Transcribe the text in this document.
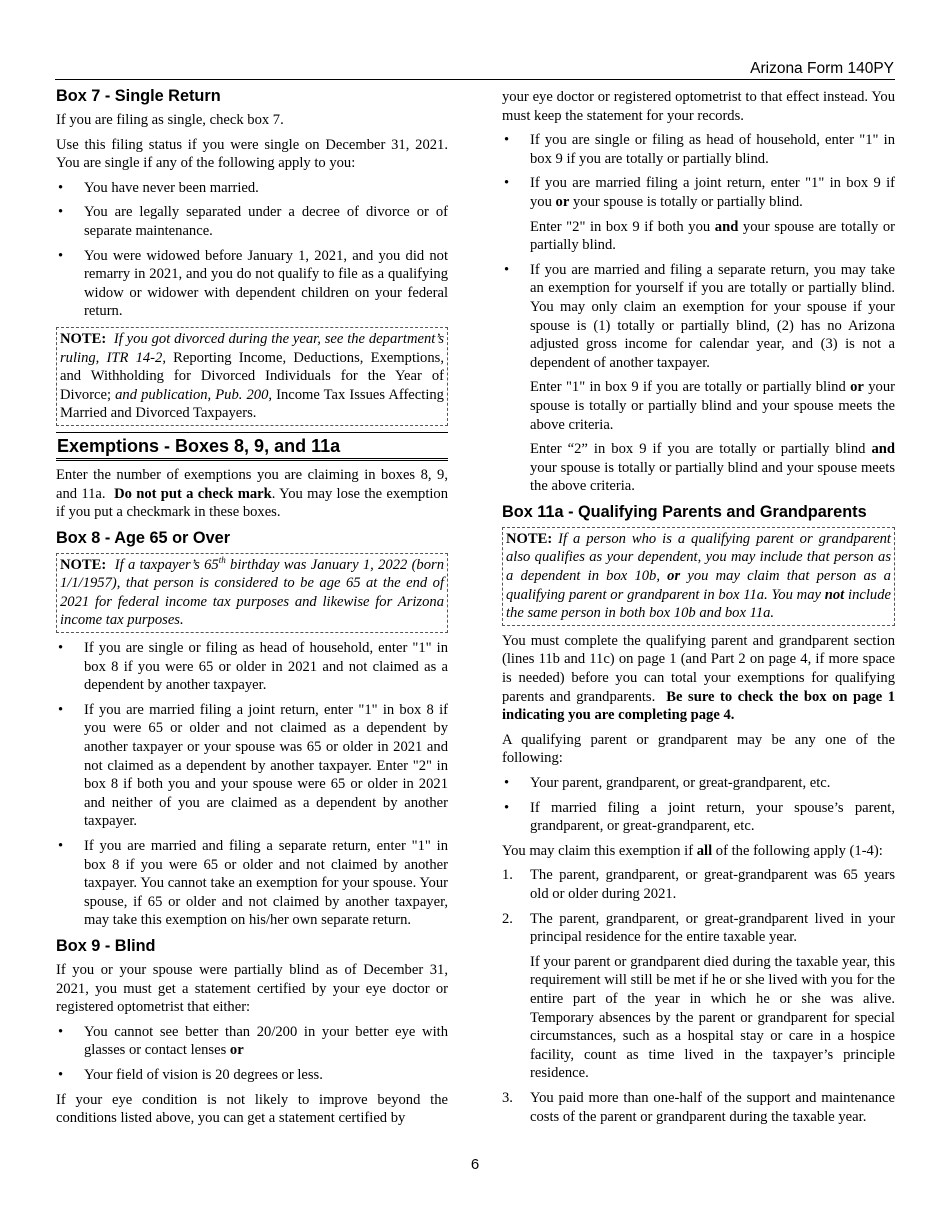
Arizona Form 140PY
Box 7 - Single Return

If you are filing as single, check box 7.

Use this filing status if you were single on December 31, 2021. You are single if any of the following apply to you:

• You have never been married.
• You are legally separated under a decree of divorce or of separate maintenance.
• You were widowed before January 1, 2021, and you did not remarry in 2021, and you do not qualify to file as a qualifying widow or widower with dependent children on your federal return.
NOTE: If you got divorced during the year, see the department’s ruling, ITR 14-2, Reporting Income, Deductions, Exemptions, and Withholding for Divorced Individuals for the Year of Divorce; and publication, Pub. 200, Income Tax Issues Affecting Married and Divorced Taxpayers.
Exemptions - Boxes 8, 9, and 11a

Enter the number of exemptions you are claiming in boxes 8, 9, and 11a. Do not put a check mark. You may lose the exemption if you put a checkmark in these boxes.

Box 8 - Age 65 or Over
NOTE: If a taxpayer’s 65th birthday was January 1, 2022 (born 1/1/1957), that person is considered to be age 65 at the end of 2021 for federal income tax purposes and likewise for Arizona income tax purposes.
• If you are single or filing as head of household, enter "1" in box 8 if you were 65 or older in 2021 and not claimed as a dependent by another taxpayer.
• If you are married filing a joint return, enter "1" in box 8 if you were 65 or older and not claimed as a dependent by another taxpayer or your spouse was 65 or older in 2021 and not claimed as a dependent by another taxpayer. Enter "2" in box 8 if both you and your spouse were 65 or older in 2021 and neither of you are claimed as a dependent by another taxpayer.
• If you are married and filing a separate return, enter "1" in box 8 if you were 65 or older and not claimed by another taxpayer. You cannot take an exemption for your spouse. Your spouse, if 65 or older and not claimed by another taxpayer, may take this exemption on his/her own separate return.
Box 9 - Blind

If you or your spouse were partially blind as of December 31, 2021, you must get a statement certified by your eye doctor or registered optometrist that either:

• You cannot see better than 20/200 in your better eye with glasses or contact lenses or
• Your field of vision is 20 degrees or less.

If your eye condition is not likely to improve beyond the conditions listed above, you can get a statement certified by

your eye doctor or registered optometrist to that effect instead. You must keep the statement for your records.

• If you are single or filing as head of household, enter "1" in box 9 if you are totally or partially blind.
• If you are married filing a joint return, enter "1" in box 9 if you or your spouse is totally or partially blind.
Enter "2" in box 9 if both you and your spouse are totally or partially blind.
• If you are married and filing a separate return, you may take an exemption for yourself if you are totally or partially blind. You may only claim an exemption for your spouse if your spouse is (1) totally or partially blind, (2) has no Arizona adjusted gross income for calendar year, and (3) is not a dependent of another taxpayer.
Enter "1" in box 9 if you are totally or partially blind or your spouse is totally or partially blind and your spouse meets the above criteria.
Enter “2” in box 9 if you are totally or partially blind and your spouse is totally or partially blind and your spouse meets the above criteria.
Box 11a - Qualifying Parents and Grandparents
NOTE: If a person who is a qualifying parent or grandparent also qualifies as your dependent, you may include that person as a dependent in box 10b, or you may claim that person as a qualifying parent or grandparent in box 11a. You may not include the same person in both box 10b and box 11a.

You must complete the qualifying parent and grandparent section (lines 11b and 11c) on page 1 (and Part 2 on page 4, if more space is needed) before you can total your exemptions for qualifying parents and grandparents. Be sure to check the box on page 1 indicating you are completing page 4.

A qualifying parent or grandparent may be any one of the following:

• Your parent, grandparent, or great-grandparent, etc.
• If married filing a joint return, your spouse’s parent, grandparent, or great-grandparent, etc.

You may claim this exemption if all of the following apply (1-4):

1. The parent, grandparent, or great-grandparent was 65 years old or older during 2021.
2. The parent, grandparent, or great-grandparent lived in your principal residence for the entire taxable year.
If your parent or grandparent died during the taxable year, this requirement will still be met if he or she lived with you for the entire part of the year in which he or she was alive. Temporary absences by the parent or grandparent for special circumstances, such as a hospital stay or care in a hospice facility, count as time lived in the taxpayer’s principle residence.
3. You paid more than one-half of the support and maintenance costs of the parent or grandparent during the taxable year.
6
